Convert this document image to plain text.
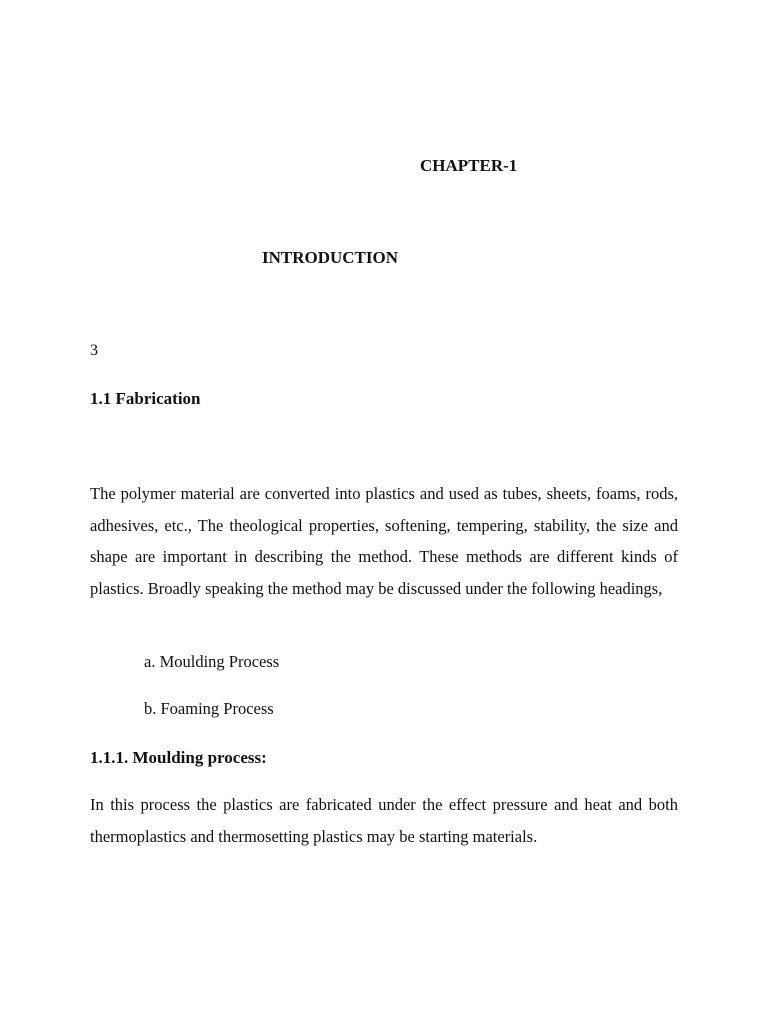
CHAPTER-1

INTRODUCTION

3

1.1 Fabrication

The polymer material are converted into plastics and used as tubes, sheets, foams, rods, adhesives, etc., The theological properties, softening, tempering, stability, the size and shape are important in describing the method. These methods are different kinds of plastics. Broadly speaking the method may be discussed under the following headings,

a. Moulding Process

b. Foaming Process

1.1.1. Moulding process:

In this process the plastics are fabricated under the effect pressure and heat and both thermoplastics and thermosetting plastics may be starting materials.
